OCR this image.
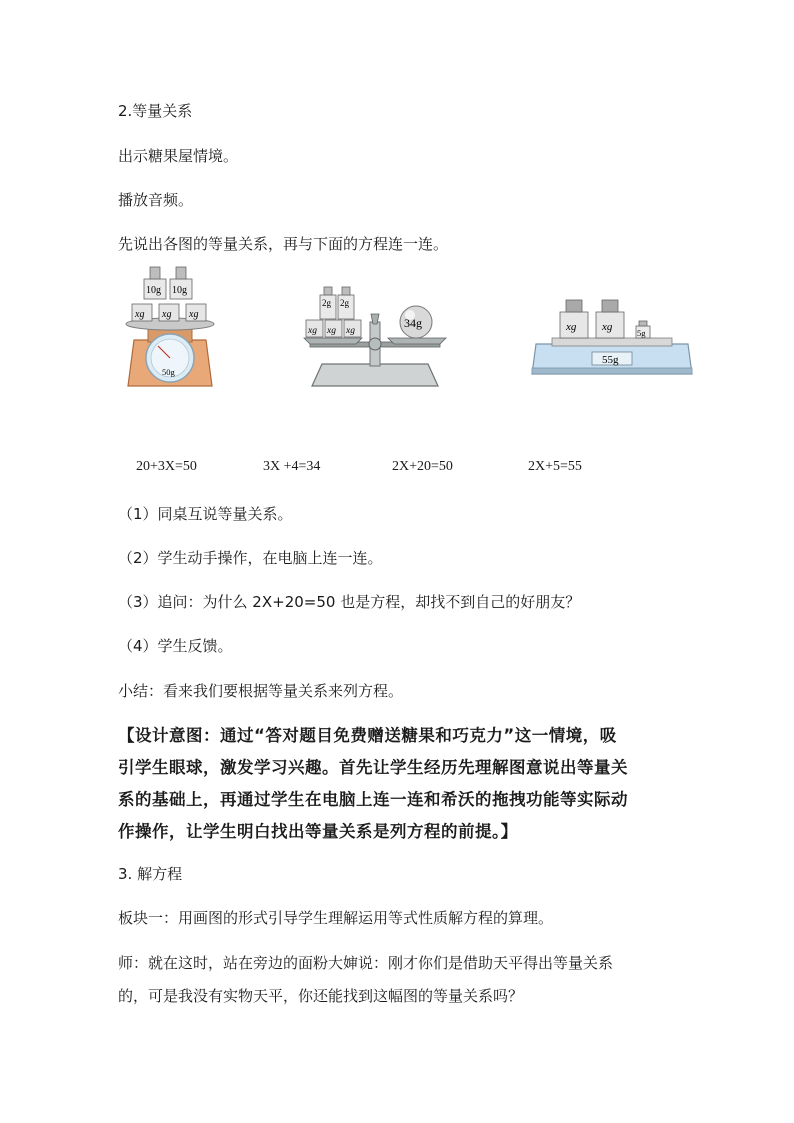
2.等量关系
出示糖果屋情境。
播放音频。
先说出各图的等量关系，再与下面的方程连一连。
50g
xg xg xg
10g 10g
xg xg xg
2g 2g
34g
55g
xg xg	5g
20+3X=50	3X +4=34	2X+20=50	2X+5=55
（1）同桌互说等量关系。
（2）学生动手操作，在电脑上连一连。
（3）追问：为什么 2X+20=50 也是方程，却找不到自己的好朋友？
（4）学生反馈。
小结：看来我们要根据等量关系来列方程。
【设计意图：通过“答对题目免费赠送糖果和巧克力”这一情境，吸
引学生眼球，激发学习兴趣。首先让学生经历先理解图意说出等量关
系的基础上，再通过学生在电脑上连一连和希沃的拖拽功能等实际动
作操作，让学生明白找出等量关系是列方程的前提。】
3. 解方程
板块一：用画图的形式引导学生理解运用等式性质解方程的算理。
师：就在这时，站在旁边的面粉大婶说：刚才你们是借助天平得出等量关系
的，可是我没有实物天平，你还能找到这幅图的等量关系吗？
